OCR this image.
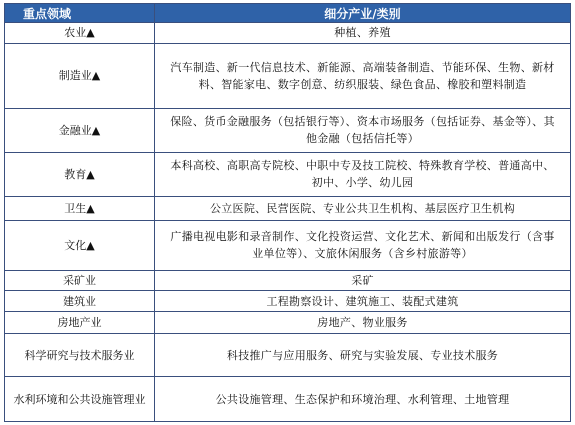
重点领域	细分产业/类别
农业▲	种植、养殖
制造业▲	汽车制造、新一代信息技术、新能源、高端装备制造、节能环保、生物、新材料、智能家电、数字创意、纺织服装、绿色食品、橡胶和塑料制造
金融业▲	保险、货币金融服务（包括银行等）、资本市场服务（包括证券、基金等）、其他金融（包括信托等）
教育▲	本科高校、高职高专院校、中职中专及技工院校、特殊教育学校、普通高中、初中、小学、幼儿园
卫生▲	公立医院、民营医院、专业公共卫生机构、基层医疗卫生机构
文化▲	广播电视电影和录音制作、文化投资运营、文化艺术、新闻和出版发行（含事业单位等）、文旅休闲服务（含乡村旅游等）
采矿业	采矿
建筑业	工程勘察设计、建筑施工、装配式建筑
房地产业	房地产、物业服务
科学研究与技术服务业	科技推广与应用服务、研究与实验发展、专业技术服务
水利环境和公共设施管理业	公共设施管理、生态保护和环境治理、水利管理、土地管理
